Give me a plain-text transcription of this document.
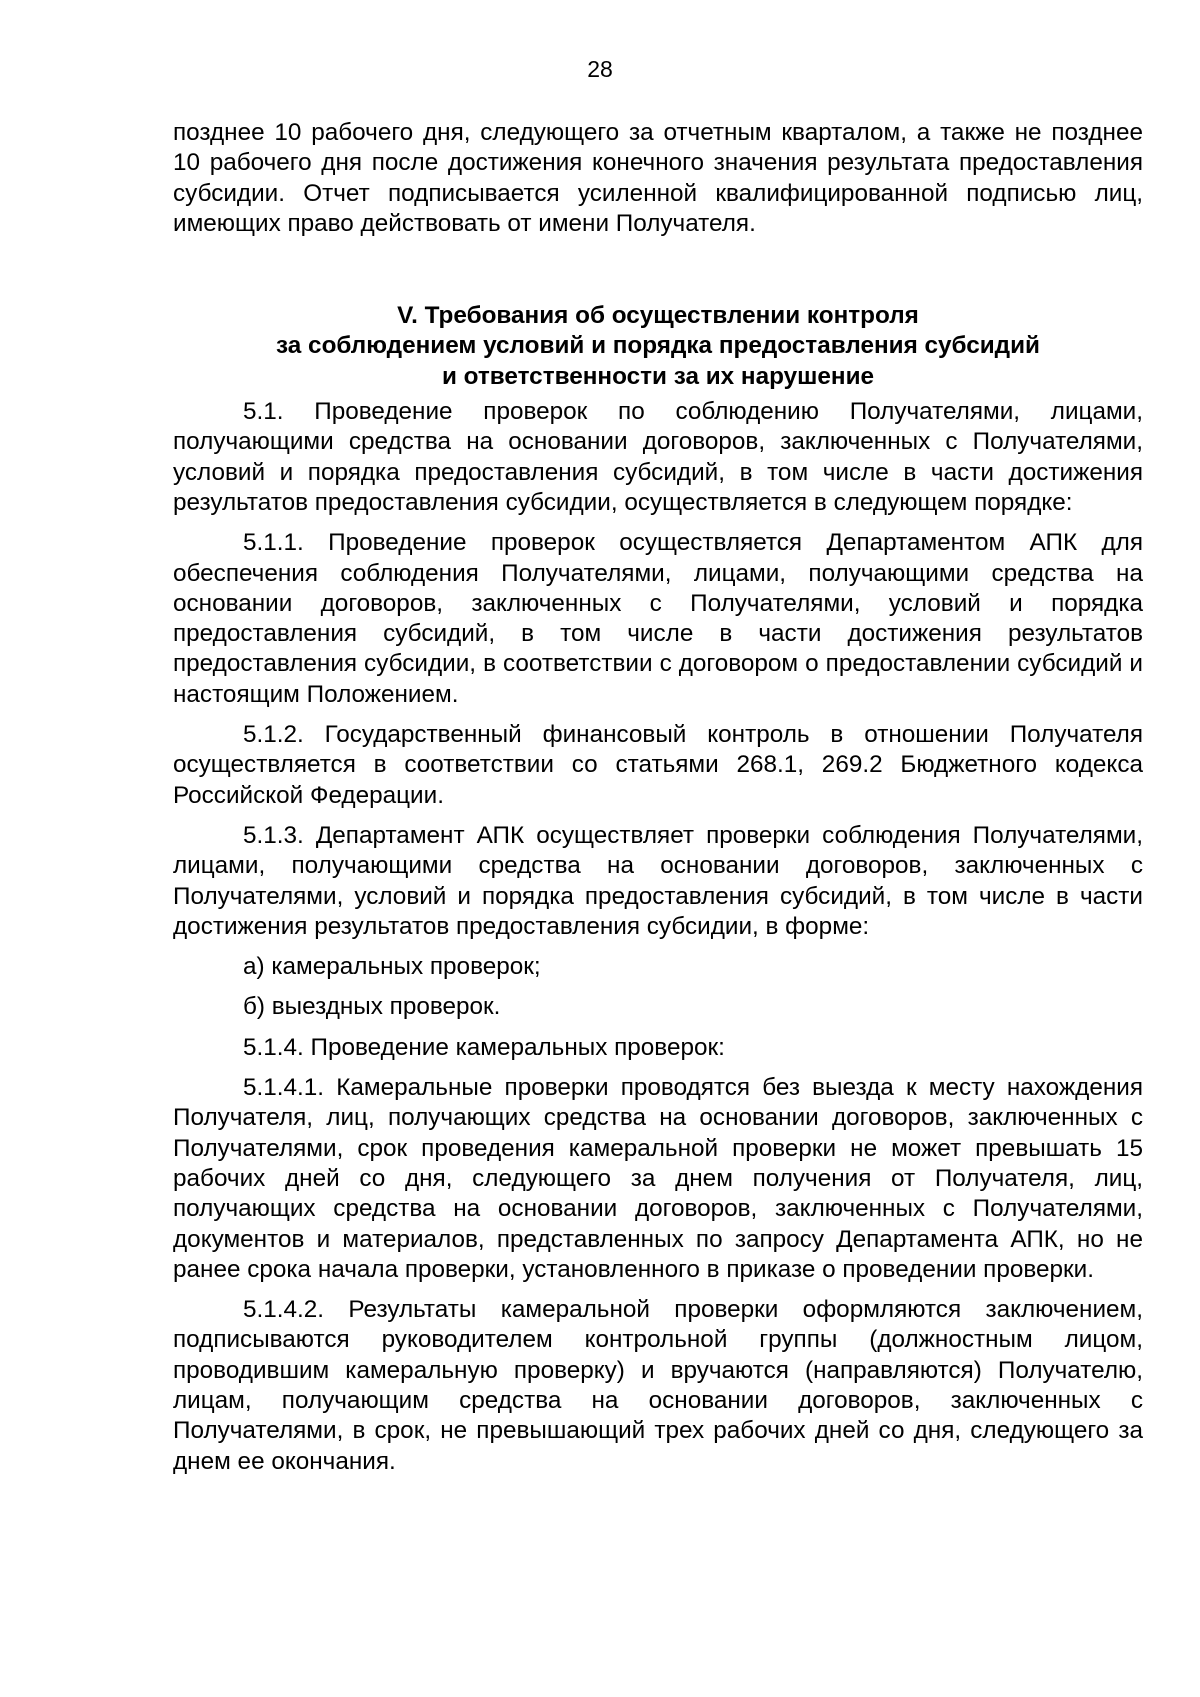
28

позднее 10 рабочего дня, следующего за отчетным кварталом, а также не позднее 10 рабочего дня после достижения конечного значения результата предоставления субсидии. Отчет подписывается усиленной квалифицированной подписью лиц, имеющих право действовать от имени Получателя.

V. Требования об осуществлении контроля
за соблюдением условий и порядка предоставления субсидий
и ответственности за их нарушение

5.1. Проведение проверок по соблюдению Получателями, лицами, получающими средства на основании договоров, заключенных с Получателями, условий и порядка предоставления субсидий, в том числе в части достижения результатов предоставления субсидии, осуществляется в следующем порядке:

5.1.1. Проведение проверок осуществляется Департаментом АПК для обеспечения соблюдения Получателями, лицами, получающими средства на основании договоров, заключенных с Получателями, условий и порядка предоставления субсидий, в том числе в части достижения результатов предоставления субсидии, в соответствии с договором о предоставлении субсидий и настоящим Положением.

5.1.2. Государственный финансовый контроль в отношении Получателя осуществляется в соответствии со статьями 268.1, 269.2 Бюджетного кодекса Российской Федерации.

5.1.3. Департамент АПК осуществляет проверки соблюдения Получателями, лицами, получающими средства на основании договоров, заключенных с Получателями, условий и порядка предоставления субсидий, в том числе в части достижения результатов предоставления субсидии, в форме:

а) камеральных проверок;

б) выездных проверок.

5.1.4. Проведение камеральных проверок:

5.1.4.1. Камеральные проверки проводятся без выезда к месту нахождения Получателя, лиц, получающих средства на основании договоров, заключенных с Получателями, срок проведения камеральной проверки не может превышать 15 рабочих дней со дня, следующего за днем получения от Получателя, лиц, получающих средства на основании договоров, заключенных с Получателями, документов и материалов, представленных по запросу Департамента АПК, но не ранее срока начала проверки, установленного в приказе о проведении проверки.

5.1.4.2. Результаты камеральной проверки оформляются заключением, подписываются руководителем контрольной группы (должностным лицом, проводившим камеральную проверку) и вручаются (направляются) Получателю, лицам, получающим средства на основании договоров, заключенных с Получателями, в срок, не превышающий трех рабочих дней со дня, следующего за днем ее окончания.
